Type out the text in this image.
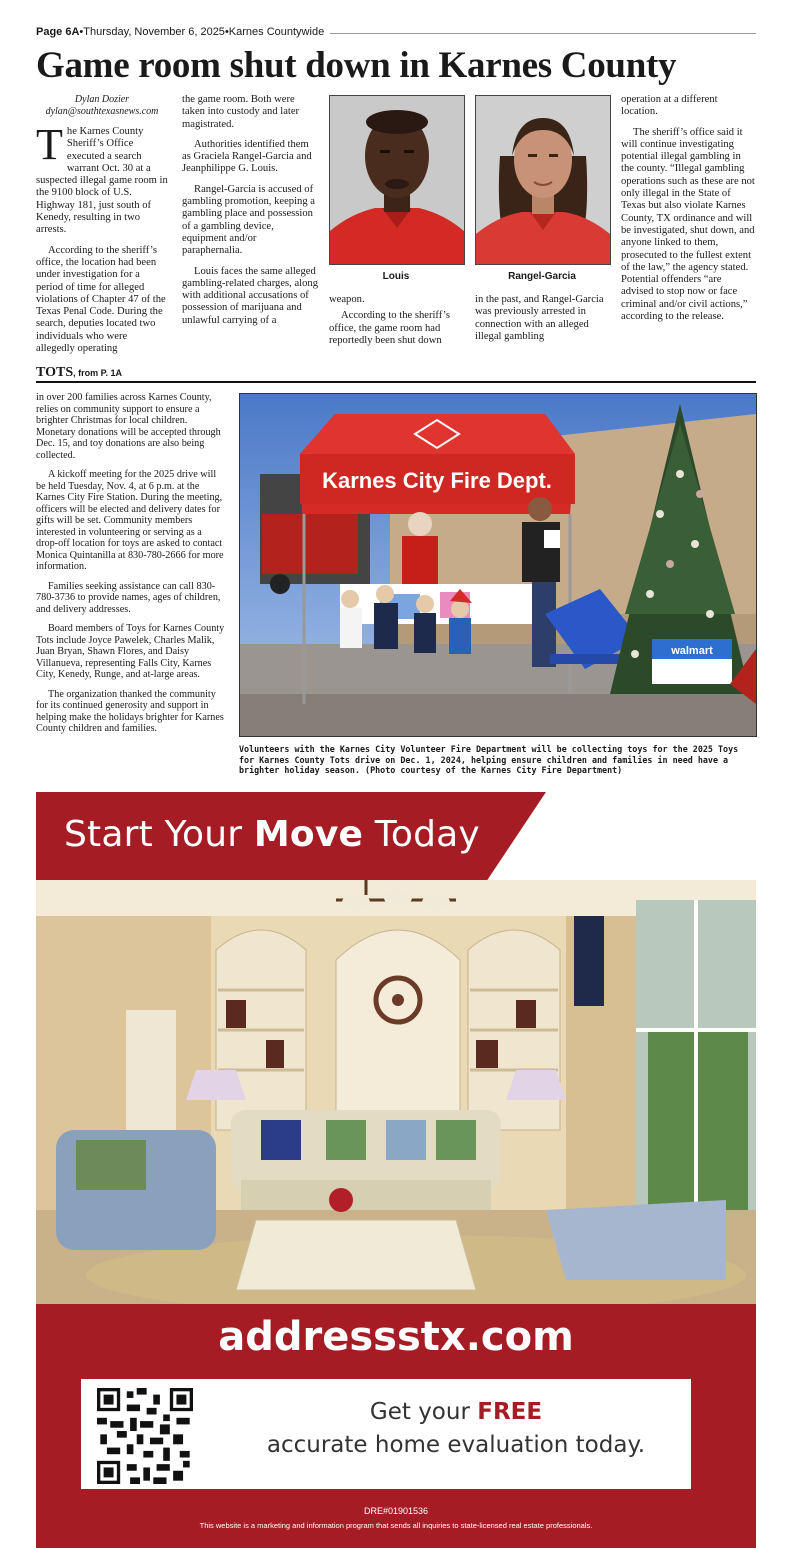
Page 6A • Thursday, November 6, 2025 • Karnes Countywide
Game room shut down in Karnes County
Dylan Dozier
dylan@southtexasnews.com

The Karnes County Sheriff’s Office executed a search warrant Oct. 30 at a suspected illegal game room in the 9100 block of U.S. Highway 181, just south of Kenedy, resulting in two arrests.

According to the sheriff’s office, the location had been under investigation for a period of time for alleged violations of Chapter 47 of the Texas Penal Code. During the search, deputies located two individuals who were allegedly operating

the game room. Both were taken into custody and later magistrated.

Authorities identified them as Graciela Rangel-Garcia and Jeanphilippe G. Louis.

Rangel-Garcia is accused of gambling promotion, keeping a gambling place and possession of a gambling device, equipment and/or paraphernalia.

Louis faces the same alleged gambling-related charges, along with additional accusations of possession of marijuana and unlawful carrying of a

Louis	Rangel-Garcia

weapon.

According to the sheriff’s office, the game room had reportedly been shut down

in the past, and Rangel-Garcia was previously arrested in connection with an alleged illegal gambling

operation at a different location.

The sheriff’s office said it will continue investigating potential illegal gambling in the county. “Illegal gambling operations such as these are not only illegal in the State of Texas but also violate Karnes County, TX ordinance and will be investigated, shut down, and anyone linked to them, prosecuted to the fullest extent of the law,” the agency stated. Potential offenders “are advised to stop now or face criminal and/or civil actions,” according to the release.

TOTS, from P. 1A

in over 200 families across Karnes County, relies on community support to ensure a brighter Christmas for local children. Monetary donations will be accepted through Dec. 15, and toy donations are also being collected.

A kickoff meeting for the 2025 drive will be held Tuesday, Nov. 4, at 6 p.m. at the Karnes City Fire Station. During the meeting, officers will be elected and delivery dates for gifts will be set. Community members interested in volunteering or serving as a drop-off location for toys are asked to contact Monica Quintanilla at 830-780-2666 for more information.

Families seeking assistance can call 830-780-3736 to provide names, ages of children, and delivery addresses.

Board members of Toys for Karnes County Tots include Joyce Pawelek, Charles Malik, Juan Bryan, Shawn Flores, and Daisy Villanueva, representing Falls City, Karnes City, Kenedy, Runge, and at-large areas.

The organization thanked the community for its continued generosity and support in helping make the holidays brighter for Karnes County children and families.

Karnes City Fire Dept.
walmart
Volunteers with the Karnes City Volunteer Fire Department will be collecting toys for the 2025 Toys for Karnes County Tots drive on Dec. 1, 2024, helping ensure children and families in need have a brighter holiday season. (Photo courtesy of the Karnes City Fire Department)
Start Your Move Today
addressstx.com
Get your FREE
accurate home evaluation today.
DRE#01901536
This website is a marketing and information program that sends all inquiries to state-licensed real estate professionals.
